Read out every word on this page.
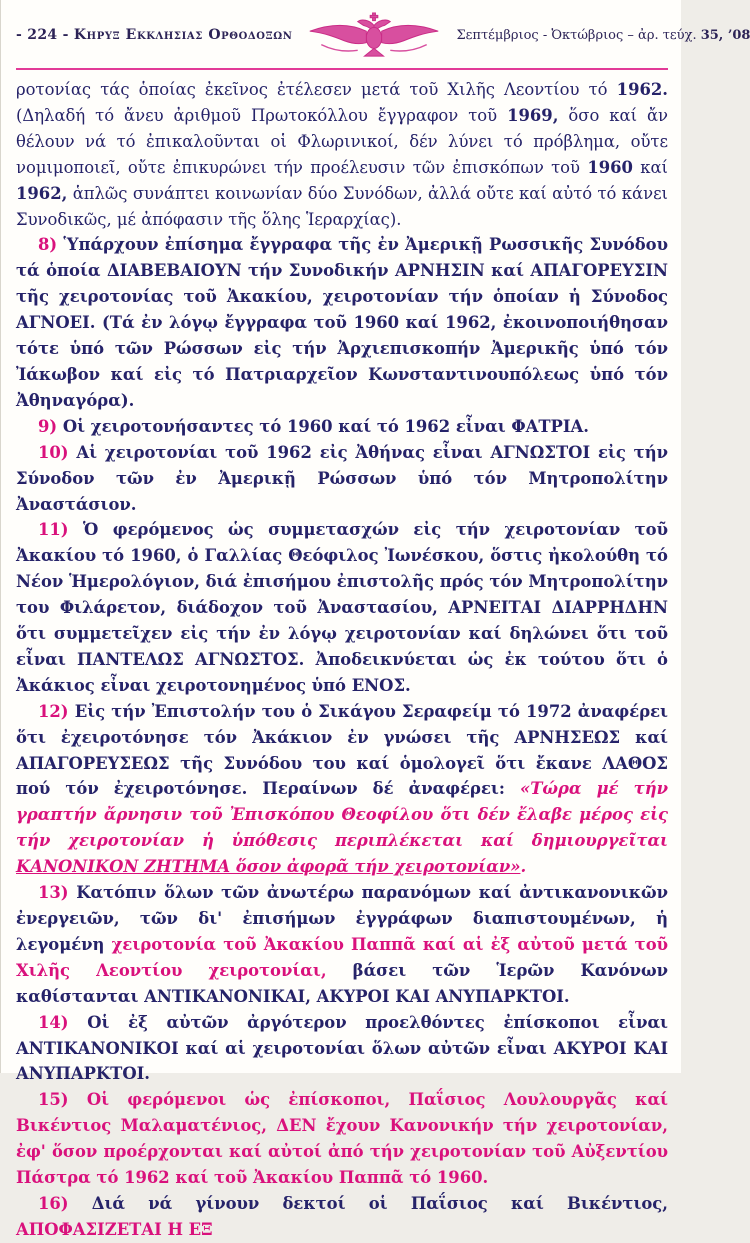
- 224 - Κηρυξ Εκκλησιας Ορθοδοξων	Σεπτέμβριος - Ὀκτώβριος – ἀρ. τεύχ. 35, ’08

ροτονίας τάς ὁποίας ἐκεῖνος ἐτέλεσεν μετά τοῦ Χιλῆς Λεοντίου τό 1962. (Δηλαδή τό ἄνευ ἀριθμοῦ Πρωτοκόλλου ἔγγραφον τοῦ 1969, ὅσο καί ἄν θέλουν νά τό ἐπικαλοῦνται οἱ Φλωρινικοί, δέν λύνει τό πρόβλημα, οὔτε νομιμοποιεῖ, οὔτε ἐπικυρώνει τήν προέλευσιν τῶν ἐπισκόπων τοῦ 1960 καί 1962, ἁπλῶς συνάπτει κοινωνίαν δύο Συνόδων, ἀλλά οὔτε καί αὐτό τό κάνει Συνοδικῶς, μέ ἀπόφασιν τῆς ὅλης Ἱεραρχίας).

8) Ὑπάρχουν ἐπίσημα ἔγγραφα τῆς ἐν Ἀμερικῇ Ρωσσικῆς Συνόδου τά ὁποία ΔΙΑΒΕΒΑΙΟΥΝ τήν Συνοδικήν ΑΡΝΗΣΙΝ καί ΑΠΑΓΟΡΕΥΣΙΝ τῆς χειροτονίας τοῦ Ἀκακίου, χειροτονίαν τήν ὁποίαν ἡ Σύνοδος ΑΓΝΟΕΙ. (Τά ἐν λόγῳ ἔγγραφα τοῦ 1960 καί 1962, ἐκοινοποιήθησαν τότε ὑπό τῶν Ρώσσων εἰς τήν Ἀρχιεπισκοπήν Ἀμερικῆς ὑπό τόν Ἰάκωβον καί εἰς τό Πατριαρχεῖον Κωνσταντινουπόλεως ὑπό τόν Ἀθηναγόρα).

9) Οἱ χειροτονήσαντες τό 1960 καί τό 1962 εἶναι ΦΑΤΡΙΑ.

10) Αἱ χειροτονίαι τοῦ 1962 εἰς Ἀθήνας εἶναι ΑΓΝΩΣΤΟΙ εἰς τήν Σύνοδον τῶν ἐν Ἀμερικῇ Ρώσσων ὑπό τόν Μητροπολίτην Ἀναστάσιον.

11) Ὁ φερόμενος ὡς συμμετασχών εἰς τήν χειροτονίαν τοῦ Ἀκακίου τό 1960, ὁ Γαλλίας Θεόφιλος Ἰωνέσκου, ὅστις ἠκολούθη τό Νέον Ἡμερολόγιον, διά ἐπισήμου ἐπιστολῆς πρός τόν Μητροπολίτην του Φιλάρετον, διάδοχον τοῦ Ἀναστασίου, ΑΡΝΕΙΤΑΙ ΔΙΑΡΡΗΔΗΝ ὅτι συμμετεῖχεν εἰς τήν ἐν λόγῳ χειροτονίαν καί δηλώνει ὅτι τοῦ εἶναι ΠΑΝΤΕΛΩΣ ΑΓΝΩΣΤΟΣ. Ἀποδεικνύεται ὡς ἐκ τούτου ὅτι ὁ Ἀκάκιος εἶναι χειροτονημένος ὑπό ΕΝΟΣ.

12) Εἰς τήν Ἐπιστολήν του ὁ Σικάγου Σεραφείμ τό 1972 ἀναφέρει ὅτι ἐχειροτόνησε τόν Ἀκάκιον ἐν γνώσει τῆς ΑΡΝΗΣΕΩΣ καί ΑΠΑΓΟΡΕΥΣΕΩΣ τῆς Συνόδου του καί ὁμολογεῖ ὅτι ἔκανε ΛΑΘΟΣ πού τόν ἐχειροτόνησε. Περαίνων δέ ἀναφέρει: «Τώρα μέ τήν γραπτήν ἄρνησιν τοῦ Ἐπισκόπου Θεοφίλου ὅτι δέν ἔλαβε μέρος εἰς τήν χειροτονίαν ἡ ὑπόθεσις περιπλέκεται καί δημιουργεῖται ΚΑΝΟΝΙΚΟΝ ΖΗΤΗΜΑ ὅσον ἀφορᾶ τήν χειροτονίαν».

13) Κατόπιν ὅλων τῶν ἀνωτέρω παρανόμων καί ἀντικανονικῶν ἐνεργειῶν, τῶν δι' ἐπισήμων ἐγγράφων διαπιστουμένων, ἡ λεγομένη χειροτονία τοῦ Ἀκακίου Παππᾶ καί αἱ ἐξ αὐτοῦ μετά τοῦ Χιλῆς Λεοντίου χειροτονίαι, βάσει τῶν Ἱερῶν Κανόνων καθίστανται ΑΝΤΙΚΑΝΟΝΙΚΑΙ, ΑΚΥΡΟΙ ΚΑΙ ΑΝΥΠΑΡΚΤΟΙ.

14) Οἱ ἐξ αὐτῶν ἀργότερον προελθόντες ἐπίσκοποι εἶναι ΑΝΤΙΚΑΝΟΝΙΚΟΙ καί αἱ χειροτονίαι ὅλων αὐτῶν εἶναι ΑΚΥΡΟΙ ΚΑΙ ΑΝΥΠΑΡΚΤΟΙ.

15) Οἱ φερόμενοι ὡς ἐπίσκοποι, Παΐσιος Λουλουργᾶς καί Βικέντιος Μαλαματένιος, ΔΕΝ ἔχουν Κανονικήν τήν χειροτονίαν, ἐφ' ὅσον προέρχονται καί αὐτοί ἀπό τήν χειροτονίαν τοῦ Αὐξεντίου Πάστρα τό 1962 καί τοῦ Ἀκακίου Παππᾶ τό 1960.

16) Διά νά γίνουν δεκτοί οἱ Παΐσιος καί Βικέντιος, ΑΠΟΦΑΣΙΖΕΤΑΙ Η ΕΞ
